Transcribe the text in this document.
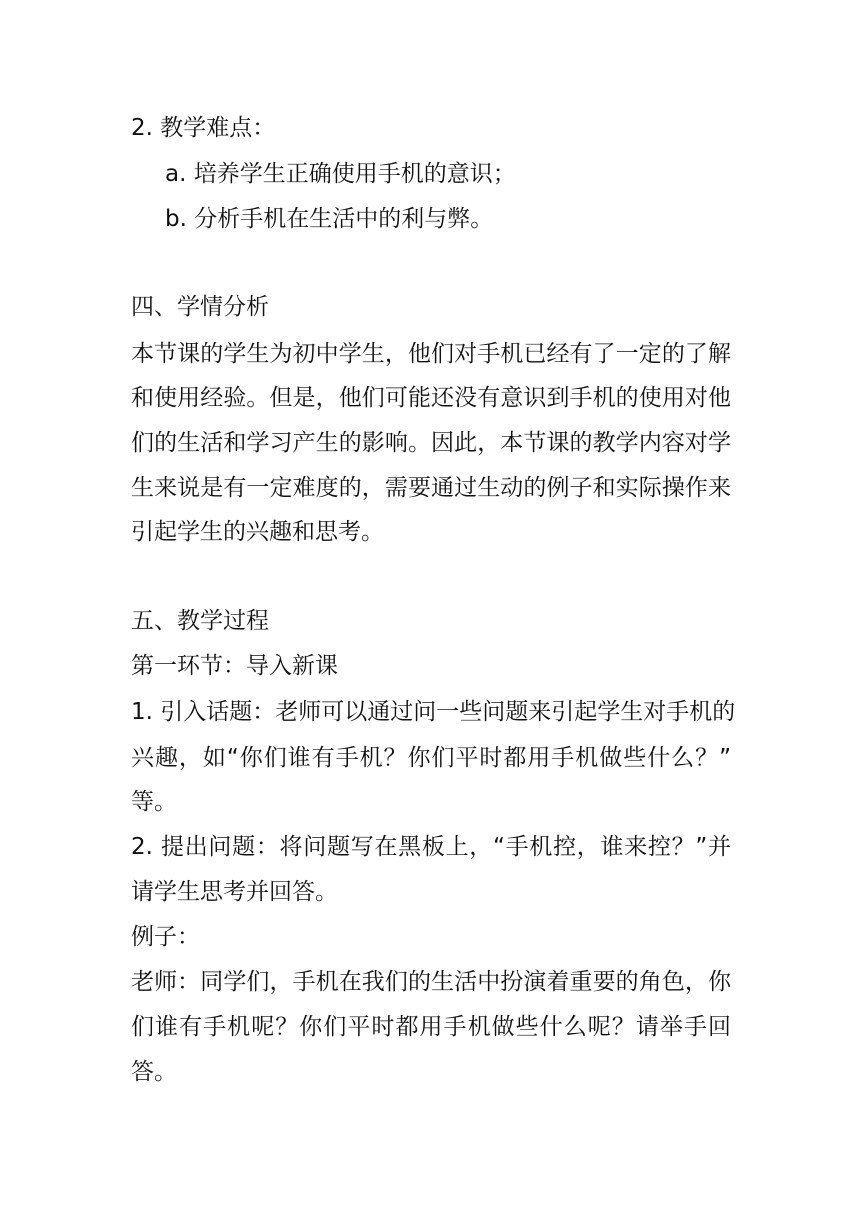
2. 教学难点：
a. 培养学生正确使用手机的意识；
b. 分析手机在生活中的利与弊。
四、学情分析
本节课的学生为初中学生，他们对手机已经有了一定的了解
和使用经验。但是，他们可能还没有意识到手机的使用对他
们的生活和学习产生的影响。因此，本节课的教学内容对学
生来说是有一定难度的，需要通过生动的例子和实际操作来
引起学生的兴趣和思考。
五、教学过程
第一环节：导入新课
1. 引入话题：老师可以通过问一些问题来引起学生对手机的
兴趣，如“你们谁有手机？你们平时都用手机做些什么？”
等。
2. 提出问题：将问题写在黑板上，“手机控，谁来控？”并
请学生思考并回答。
例子：
老师：同学们，手机在我们的生活中扮演着重要的角色，你
们谁有手机呢？你们平时都用手机做些什么呢？请举手回
答。
